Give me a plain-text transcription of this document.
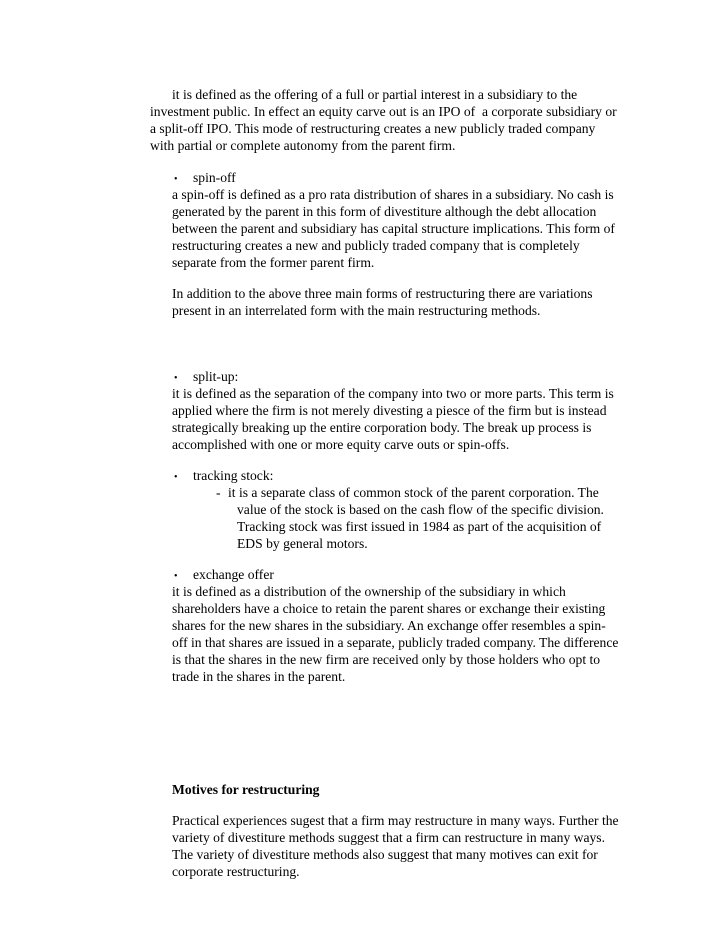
it is defined as the offering of a full or partial interest in a subsidiary to the
investment public. In effect an equity carve out is an IPO of  a corporate subsidiary or
a split-off IPO. This mode of restructuring creates a new publicly traded company
with partial or complete autonomy from the parent firm.
• spin-off
a spin-off is defined as a pro rata distribution of shares in a subsidiary. No cash is
generated by the parent in this form of divestiture although the debt allocation
between the parent and subsidiary has capital structure implications. This form of
restructuring creates a new and publicly traded company that is completely
separate from the former parent firm.
In addition to the above three main forms of restructuring there are variations
present in an interrelated form with the main restructuring methods.
• split-up:
it is defined as the separation of the company into two or more parts. This term is
applied where the firm is not merely divesting a piesce of the firm but is instead
strategically breaking up the entire corporation body. The break up process is
accomplished with one or more equity carve outs or spin-offs.
• tracking stock:
- it is a separate class of common stock of the parent corporation. The
value of the stock is based on the cash flow of the specific division.
Tracking stock was first issued in 1984 as part of the acquisition of
EDS by general motors.
• exchange offer
it is defined as a distribution of the ownership of the subsidiary in which
shareholders have a choice to retain the parent shares or exchange their existing
shares for the new shares in the subsidiary. An exchange offer resembles a spin-
off in that shares are issued in a separate, publicly traded company. The difference
is that the shares in the new firm are received only by those holders who opt to
trade in the shares in the parent.
Motives for restructuring
Practical experiences sugest that a firm may restructure in many ways. Further the
variety of divestiture methods suggest that a firm can restructure in many ways.
The variety of divestiture methods also suggest that many motives can exit for
corporate restructuring.
